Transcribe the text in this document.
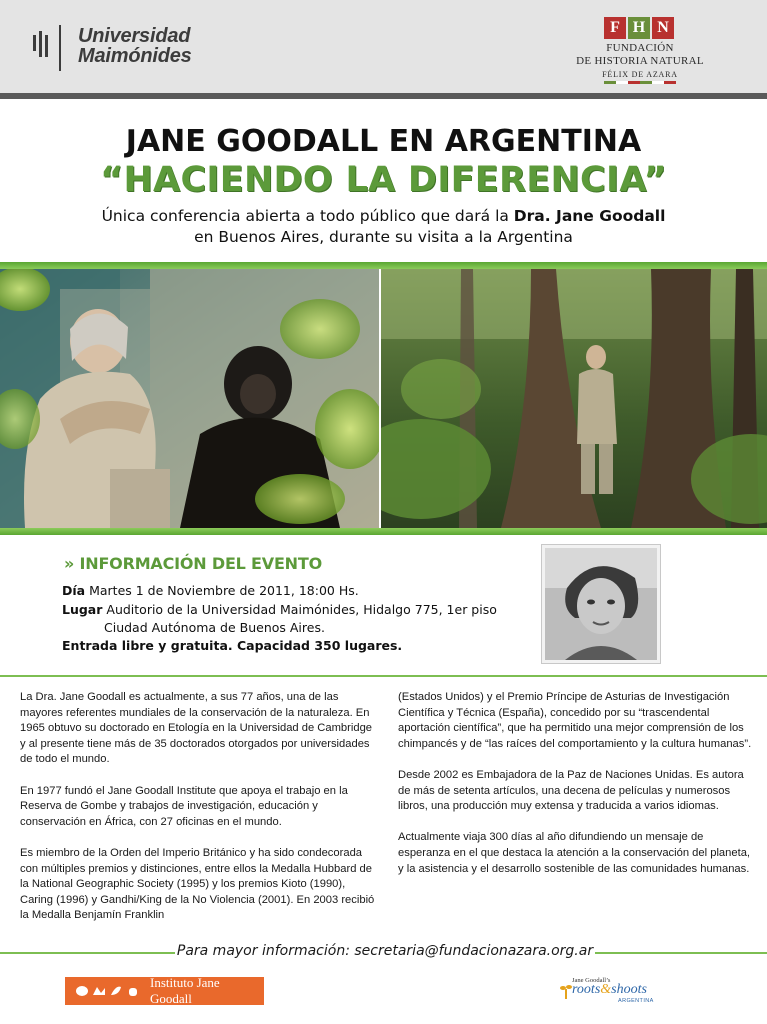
Universidad
Maimónides
F H N
FUNDACIÓN
DE HISTORIA NATURAL
FÉLIX DE AZARA
JANE GOODALL EN ARGENTINA
“HACIENDO LA DIFERENCIA”
Única conferencia abierta a todo público que dará la Dra. Jane Goodall
en Buenos Aires, durante su visita a la Argentina
» INFORMACIÓN DEL EVENTO
Día Martes 1 de Noviembre de 2011, 18:00 Hs.
Lugar Auditorio de la Universidad Maimónides, Hidalgo 775, 1er piso
Ciudad Autónoma de Buenos Aires.
Entrada libre y gratuita. Capacidad 350 lugares.

La Dra. Jane Goodall es actualmente, a sus 77 años, una de las mayores referentes mundiales de la conservación de la naturaleza. En 1965 obtuvo su doctorado en Etología en la Universidad de Cambridge y al presente tiene más de 35 doctorados otorgados por universidades de todo el mundo.

En 1977 fundó el Jane Goodall Institute que apoya el trabajo en la Reserva de Gombe y trabajos de investigación, educación y conservación en África, con 27 oficinas en el mundo.

Es miembro de la Orden del Imperio Británico y ha sido condecorada con múltiples premios y distinciones, entre ellos la Medalla Hubbard de la National Geographic Society (1995) y los premios Kioto (1990), Caring (1996) y Gandhi/King de la No Violencia (2001). En 2003 recibió la Medalla Benjamín Franklin

(Estados Unidos) y el Premio Príncipe de Asturias de Investigación Científica y Técnica (España), concedido por su “trascendental aportación científica”, que ha permitido una mejor comprensión de los chimpancés y de “las raíces del comportamiento y la cultura humanas”.

Desde 2002 es Embajadora de la Paz de Naciones Unidas. Es autora de más de setenta artículos, una decena de películas y numerosos libros, una producción muy extensa y traducida a varios idiomas.

Actualmente viaja 300 días al año difundiendo un mensaje de esperanza en el que destaca la atención a la conservación del planeta, y la asistencia y el desarrollo sostenible de las comunidades humanas.

Para mayor información: secretaria@fundacionazara.org.ar
Instituto Jane Goodall
Jane Goodall’s
roots&shoots
ARGENTINA
